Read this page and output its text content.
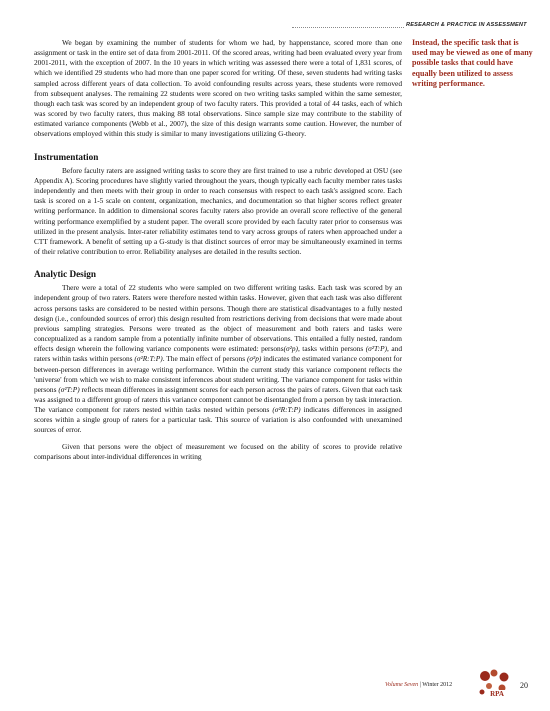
RESEARCH & PRACTICE IN ASSESSMENT
Instead, the specific task that is used may be viewed as one of many possible tasks that could have equally been utilized to assess writing performance.

We began by examining the number of students for whom we had, by happenstance, scored more than one assignment or task in the entire set of data from 2001-2011. Of the scored areas, writing had been evaluated every year from 2001-2011, with the exception of 2007. In the 10 years in which writing was assessed there were a total of 1,831 scores, of which we identified 29 students who had more than one paper scored for writing. Of these, seven students had writing tasks sampled across different years of data collection. To avoid confounding results across years, these students were removed from subsequent analyses. The remaining 22 students were scored on two writing tasks sampled within the same semester, though each task was scored by an independent group of two faculty raters. This provided a total of 44 tasks, each of which was scored by two faculty raters, thus making 88 total observations. Since sample size may contribute to the stability of estimated variance components (Webb et al., 2007), the size of this design warrants some caution. However, the number of observations employed within this study is similar to many investigations utilizing G-theory.

Instrumentation

Before faculty raters are assigned writing tasks to score they are first trained to use a rubric developed at OSU (see Appendix A). Scoring procedures have slightly varied throughout the years, though typically each faculty member rates tasks independently and then meets with their group in order to reach consensus with respect to each task's assigned score. Each task is scored on a 1-5 scale on content, organization, mechanics, and documentation so that higher scores reflect greater writing performance. In addition to dimensional scores faculty raters also provide an overall score reflective of the general writing performance exemplified by a student paper. The overall score provided by each faculty rater prior to consensus was utilized in the present analysis. Inter-rater reliability estimates tend to vary across groups of raters when approached under a CTT framework. A benefit of setting up a G-study is that distinct sources of error may be simultaneously examined in terms of their relative contribution to error. Reliability analyses are detailed in the results section.

Analytic Design

There were a total of 22 students who were sampled on two different writing tasks. Each task was scored by an independent group of two raters. Raters were therefore nested within tasks. However, given that each task was also different across persons tasks are considered to be nested within persons. Though there are statistical disadvantages to a fully nested design (i.e., confounded sources of error) this design resulted from restrictions deriving from decisions that were made about previous sampling strategies. Persons were treated as the object of measurement and both raters and tasks were conceptualized as a random sample from a potentially infinite number of observations. This entailed a fully nested, random effects design wherein the following variance components were estimated: persons(σ²p), tasks within persons (σ²T:P), and raters within tasks within persons (σ²R:T:P). The main effect of persons (σ²p) indicates the estimated variance component for between-person differences in average writing performance. Within the current study this variance component reflects the 'universe' from which we wish to make consistent inferences about student writing. The variance component for tasks within persons (σ²T:P) reflects mean differences in assignment scores for each person across the pairs of raters. Given that each task was assigned to a different group of raters this variance component cannot be disentangled from a person by task interaction. The variance component for raters nested within tasks nested within persons (σ²R:T:P) indicates differences in assigned scores within a single group of raters for a particular task. This source of variation is also confounded with unexamined sources of error.

Given that persons were the object of measurement we focused on the ability of scores to provide relative comparisons about inter-individual differences in writing

Volume Seven | Winter 2012
RPA
20
